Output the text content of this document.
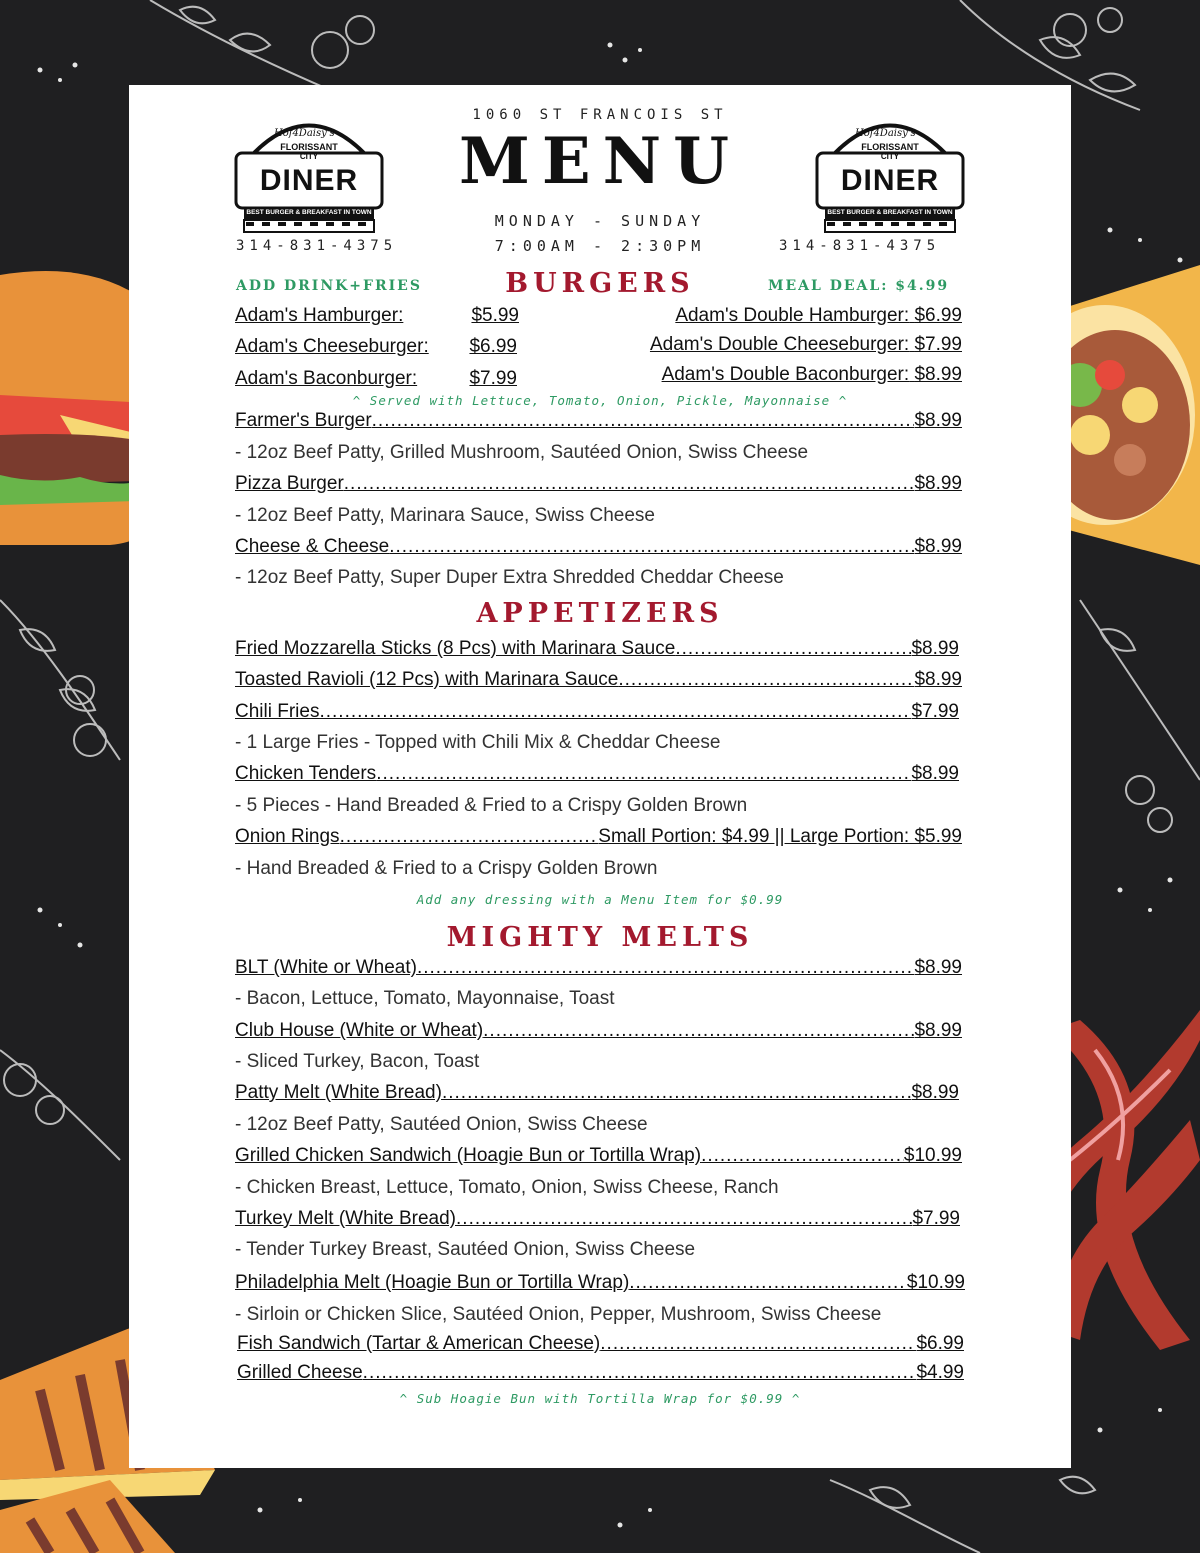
Hof4Daisy's
FLORISSANT
CITY
DINER
BEST BURGER & BREAKFAST IN TOWN
Hof4Daisy's
FLORISSANT
CITY
DINER
BEST BURGER & BREAKFAST IN TOWN
1060 ST FRANCOIS ST
MENU
MONDAY - SUNDAY
7:00AM - 2:30PM
314-831-4375	314-831-4375
ADD DRINK+FRIES	BURGERS	MEAL DEAL: $4.99
Adam's Hamburger:	$5.99
Adam's Cheeseburger: $6.99
Adam's Baconburger:	$7.99
Adam's Double Hamburger: $6.99
Adam's Double Cheeseburger: $7.99
Adam's Double Baconburger: $8.99
^ Served with Lettuce, Tomato, Onion, Pickle, Mayonnaise ^
Farmer's Burger .....	$8.99
- 12oz Beef Patty, Grilled Mushroom, Sautéed Onion, Swiss Cheese
Pizza Burger .....	$8.99
- 12oz Beef Patty, Marinara Sauce, Swiss Cheese
Cheese & Cheese .....	$8.99
- 12oz Beef Patty, Super Duper Extra Shredded Cheddar Cheese
APPETIZERS
Fried Mozzarella Sticks (8 Pcs) with Marinara Sauce .....	$8.99
Toasted Ravioli (12 Pcs) with Marinara Sauce .....	$8.99
Chili Fries .....	$7.99
- 1 Large Fries - Topped with Chili Mix & Cheddar Cheese
Chicken Tenders .....	$8.99
- 5 Pieces - Hand Breaded & Fried to a Crispy Golden Brown
Onion Rings .....	Small Portion: $4.99 || Large Portion: $5.99
- Hand Breaded & Fried to a Crispy Golden Brown
Add any dressing with a Menu Item for $0.99
MIGHTY MELTS
BLT (White or Wheat) .....	$8.99
- Bacon, Lettuce, Tomato, Mayonnaise, Toast
Club House (White or Wheat) .....	$8.99
- Sliced Turkey, Bacon, Toast
Patty Melt (White Bread) .....	$8.99
- 12oz Beef Patty, Sautéed Onion, Swiss Cheese
Grilled Chicken Sandwich (Hoagie Bun or Tortilla Wrap) .....	$10.99
- Chicken Breast, Lettuce, Tomato, Onion, Swiss Cheese, Ranch
Turkey Melt (White Bread) .....	$7.99
- Tender Turkey Breast, Sautéed Onion, Swiss Cheese
Philadelphia Melt (Hoagie Bun or Tortilla Wrap) .....	$10.99
- Sirloin or Chicken Slice, Sautéed Onion, Pepper, Mushroom, Swiss Cheese
Fish Sandwich (Tartar & American Cheese) .....	$6.99
Grilled Cheese .....	$4.99
^ Sub Hoagie Bun with Tortilla Wrap for $0.99 ^
